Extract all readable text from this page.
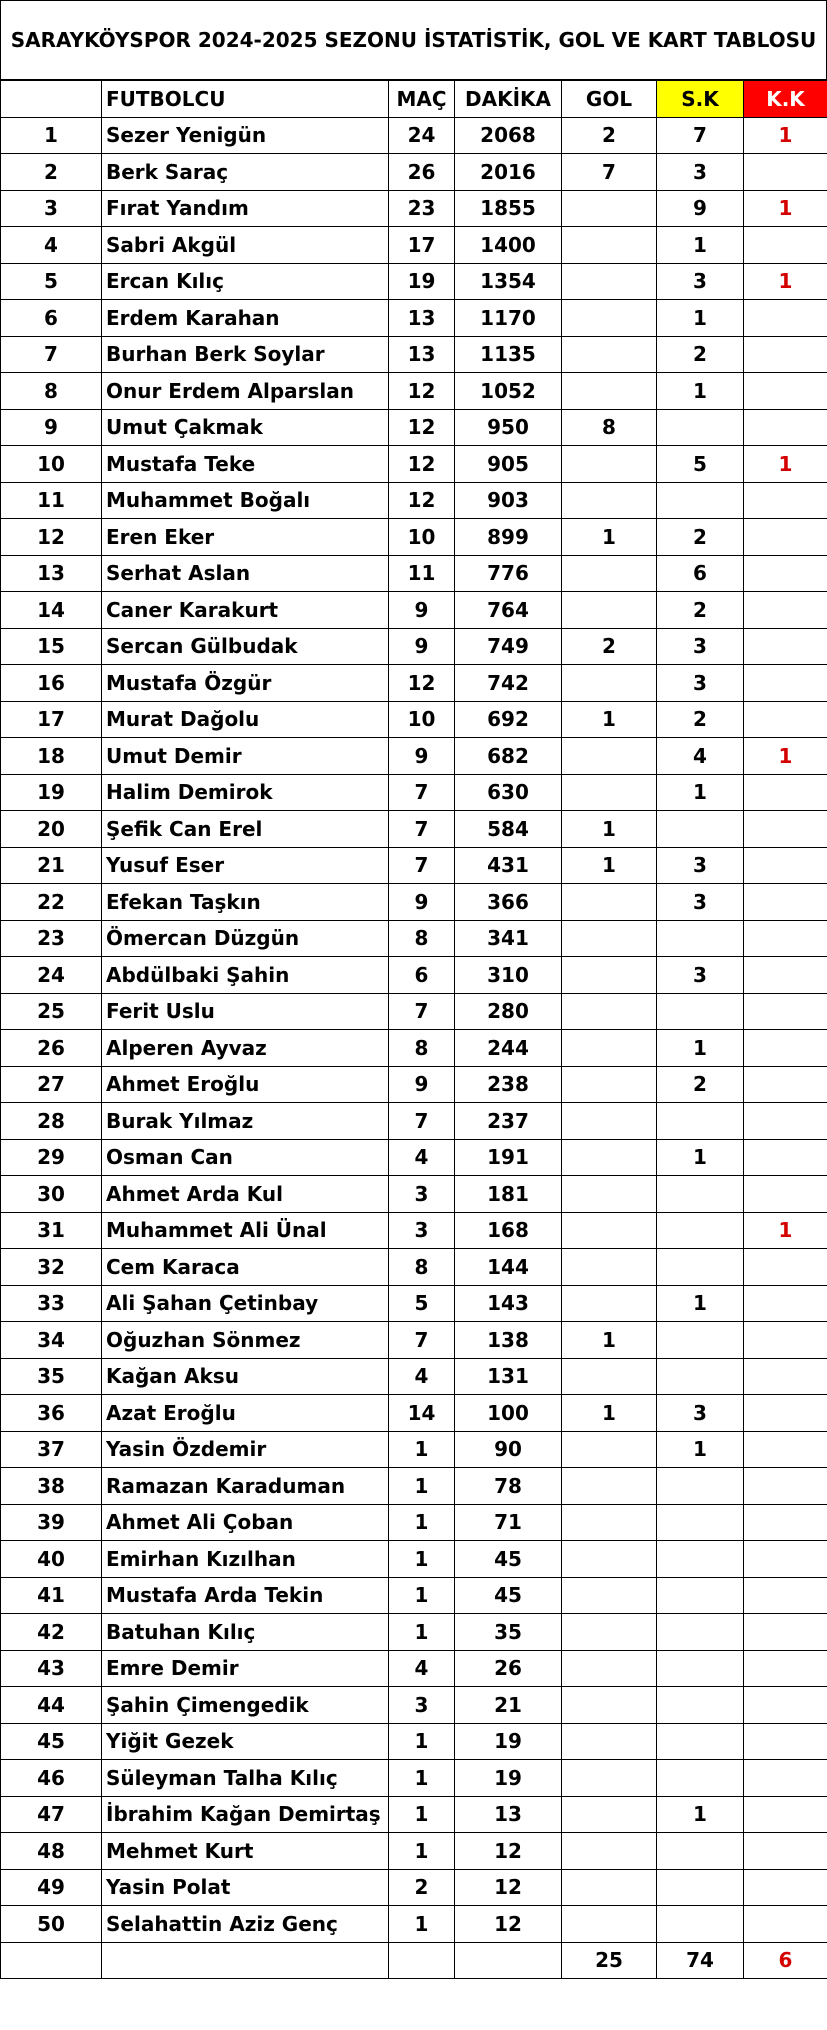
SARAYKÖYSPOR 2024-2025 SEZONU İSTATİSTİK, GOL VE KART TABLOSU
	FUTBOLCU	MAÇ	DAKİKA	GOL	S.K	K.K
1	Sezer Yenigün	24	2068	2	7	1
2	Berk Saraç	26	2016	7	3	
3	Fırat Yandım	23	1855		9	1
4	Sabri Akgül	17	1400		1	
5	Ercan Kılıç	19	1354		3	1
6	Erdem Karahan	13	1170		1	
7	Burhan Berk Soylar	13	1135		2	
8	Onur Erdem Alparslan	12	1052		1	
9	Umut Çakmak	12	950	8		
10	Mustafa Teke	12	905		5	1
11	Muhammet Boğalı	12	903			
12	Eren Eker	10	899	1	2	
13	Serhat Aslan	11	776		6	
14	Caner Karakurt	9	764		2	
15	Sercan Gülbudak	9	749	2	3	
16	Mustafa Özgür	12	742		3	
17	Murat Dağolu	10	692	1	2	
18	Umut Demir	9	682		4	1
19	Halim Demirok	7	630		1	
20	Şefik Can Erel	7	584	1		
21	Yusuf Eser	7	431	1	3	
22	Efekan Taşkın	9	366		3	
23	Ömercan Düzgün	8	341			
24	Abdülbaki Şahin	6	310		3	
25	Ferit Uslu	7	280			
26	Alperen Ayvaz	8	244		1	
27	Ahmet Eroğlu	9	238		2	
28	Burak Yılmaz	7	237			
29	Osman Can	4	191		1	
30	Ahmet Arda Kul	3	181			
31	Muhammet Ali Ünal	3	168			1
32	Cem Karaca	8	144			
33	Ali Şahan Çetinbay	5	143		1	
34	Oğuzhan Sönmez	7	138	1		
35	Kağan Aksu	4	131			
36	Azat Eroğlu	14	100	1	3	
37	Yasin Özdemir	1	90		1	
38	Ramazan Karaduman	1	78			
39	Ahmet Ali Çoban	1	71			
40	Emirhan Kızılhan	1	45			
41	Mustafa Arda Tekin	1	45			
42	Batuhan Kılıç	1	35			
43	Emre Demir	4	26			
44	Şahin Çimengedik	3	21			
45	Yiğit Gezek	1	19			
46	Süleyman Talha Kılıç	1	19			
47	İbrahim Kağan Demirtaş	1	13		1	
48	Mehmet Kurt	1	12			
49	Yasin Polat	2	12			
50	Selahattin Aziz Genç	1	12			
				25	74	6
